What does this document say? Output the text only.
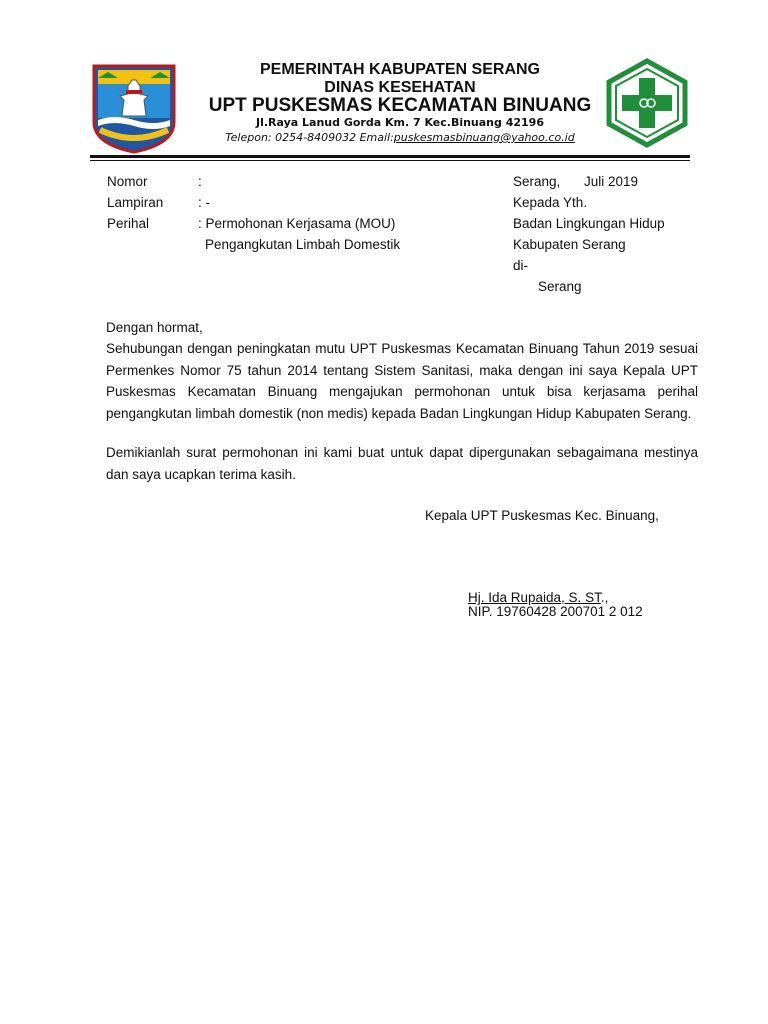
PEMERINTAH KABUPATEN SERANG
DINAS KESEHATAN
UPT PUSKESMAS KECAMATAN BINUANG
Jl.Raya Lanud Gorda Km. 7 Kec.Binuang 42196
Telepon: 0254-8409032 Email:puskesmasbinuang@yahoo.co.id
Nomor	:
Lampiran	: -
Perihal	: Permohonan Kerjasama (MOU)
Pengangkutan Limbah Domestik
Serang, Juli 2019
Kepada Yth.
Badan Lingkungan Hidup
Kabupaten Serang
di-
Serang
Dengan hormat,
Sehubungan dengan peningkatan mutu UPT Puskesmas Kecamatan Binuang Tahun 2019 sesuai Permenkes Nomor 75 tahun 2014 tentang Sistem Sanitasi, maka dengan ini saya Kepala UPT Puskesmas Kecamatan Binuang mengajukan permohonan untuk bisa kerjasama perihal pengangkutan limbah domestik (non medis) kepada Badan Lingkungan Hidup Kabupaten Serang.
Demikianlah surat permohonan ini kami buat untuk dapat dipergunakan sebagaimana mestinya dan saya ucapkan terima kasih.
Kepala UPT Puskesmas Kec. Binuang,
Hj. Ida Rupaida, S. ST.,
NIP. 19760428 200701 2 012
